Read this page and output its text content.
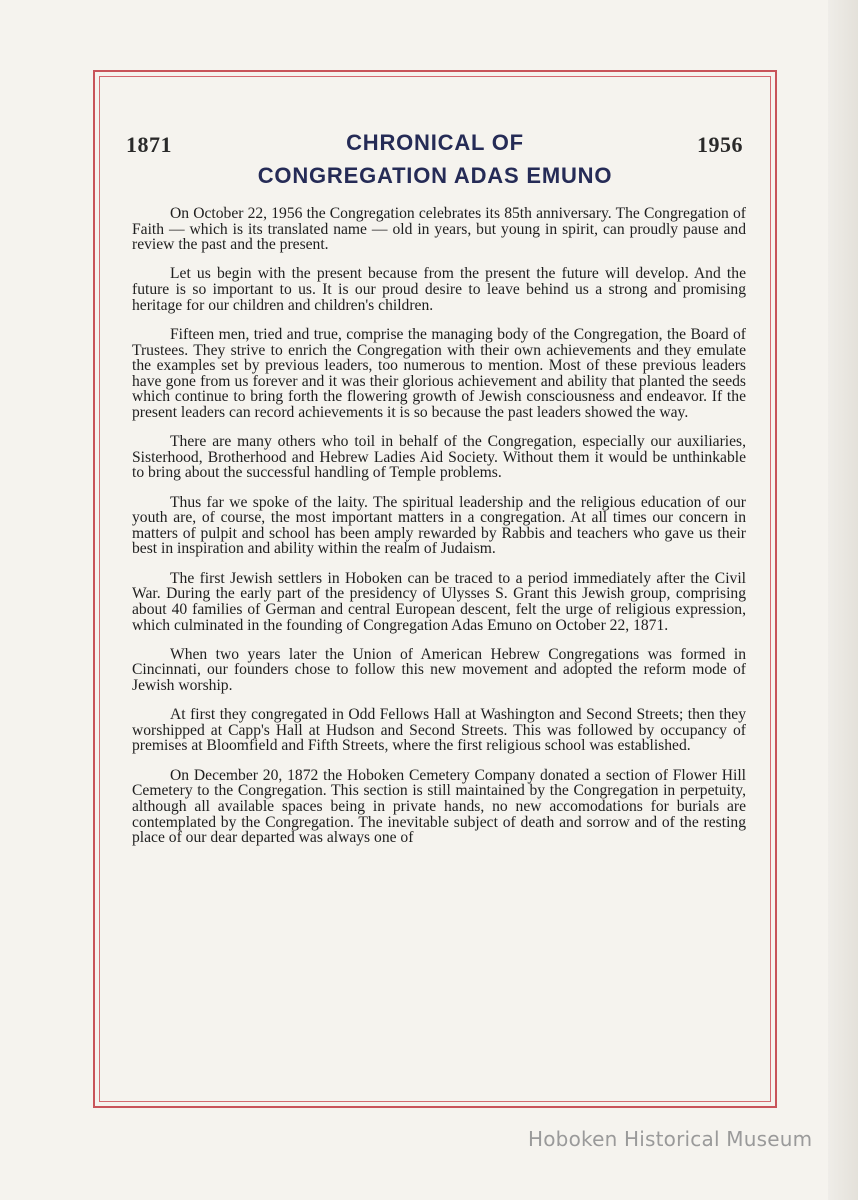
1871	1956
CHRONICAL OF
CONGREGATION ADAS EMUNO

On October 22, 1956 the Congregation celebrates its 85th anniversary. The Congregation of Faith — which is its translated name — old in years, but young in spirit, can proudly pause and review the past and the present.

Let us begin with the present because from the present the future will develop. And the future is so important to us. It is our proud desire to leave behind us a strong and promising heritage for our children and children's children.

Fifteen men, tried and true, comprise the managing body of the Congregation, the Board of Trustees. They strive to enrich the Congregation with their own achievements and they emulate the examples set by previous leaders, too numerous to mention. Most of these previous leaders have gone from us forever and it was their glorious achievement and ability that planted the seeds which continue to bring forth the flowering growth of Jewish consciousness and endeavor. If the present leaders can record achievements it is so because the past leaders showed the way.

There are many others who toil in behalf of the Congregation, especially our auxiliaries, Sisterhood, Brotherhood and Hebrew Ladies Aid Society. Without them it would be unthinkable to bring about the successful handling of Temple problems.

Thus far we spoke of the laity. The spiritual leadership and the religious education of our youth are, of course, the most important matters in a congregation. At all times our concern in matters of pulpit and school has been amply rewarded by Rabbis and teachers who gave us their best in inspiration and ability within the realm of Judaism.

The first Jewish settlers in Hoboken can be traced to a period immediately after the Civil War. During the early part of the presidency of Ulysses S. Grant this Jewish group, comprising about 40 families of German and central European descent, felt the urge of religious expression, which culminated in the founding of Congregation Adas Emuno on October 22, 1871.

When two years later the Union of American Hebrew Congregations was formed in Cincinnati, our founders chose to follow this new movement and adopted the reform mode of Jewish worship.

At first they congregated in Odd Fellows Hall at Washington and Second Streets; then they worshipped at Capp's Hall at Hudson and Second Streets. This was followed by occupancy of premises at Bloomfield and Fifth Streets, where the first religious school was established.

On December 20, 1872 the Hoboken Cemetery Company donated a section of Flower Hill Cemetery to the Congregation. This section is still maintained by the Congregation in perpetuity, although all available spaces being in private hands, no new accomodations for burials are contemplated by the Congregation. The inevitable subject of death and sorrow and of the resting place of our dear departed was always one of

Hoboken Historical Museum
